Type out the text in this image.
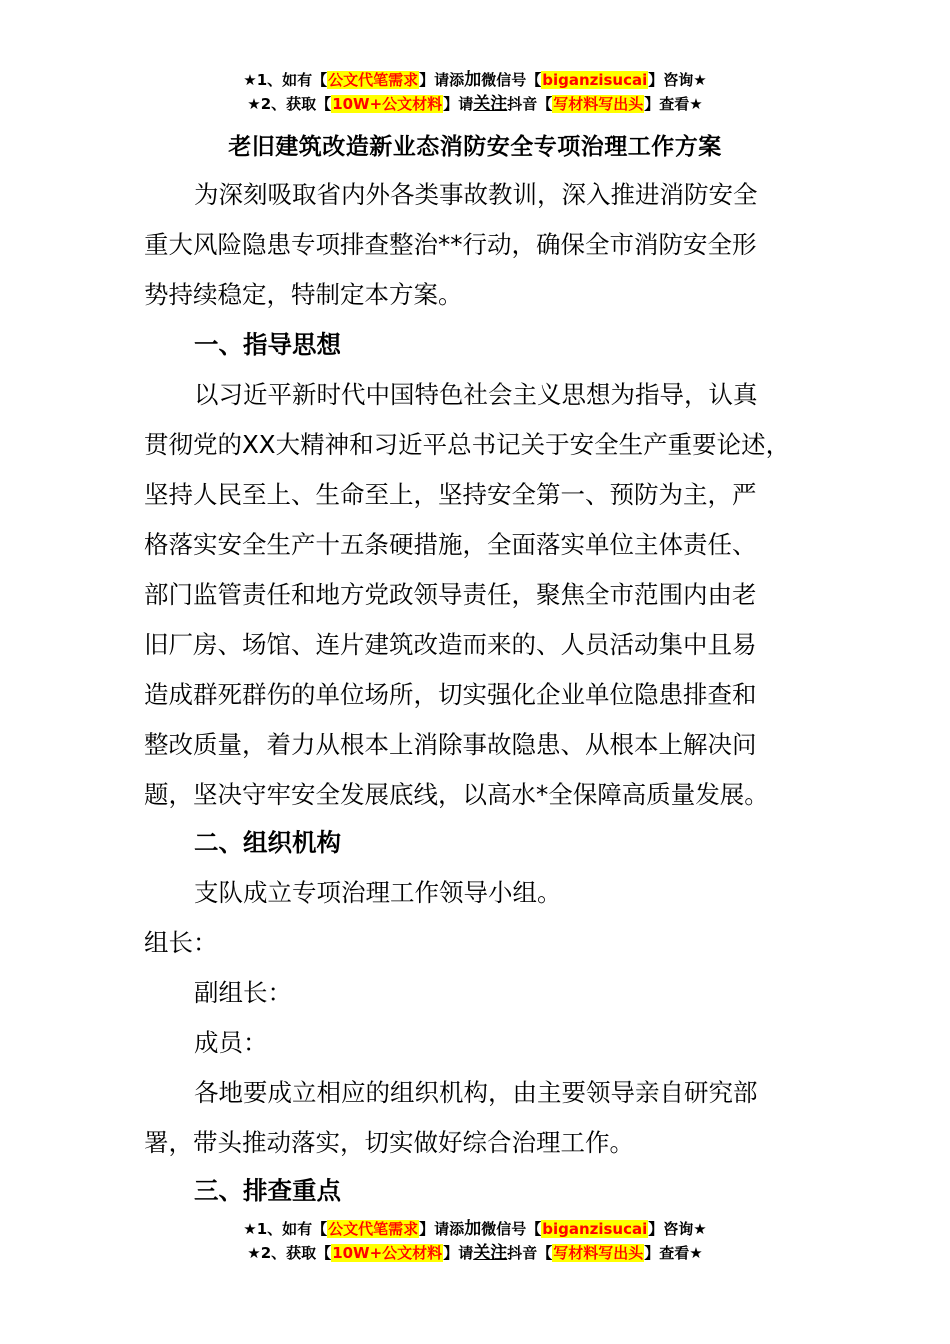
★1、如有【公文代笔需求】请添加微信号【biganzisucai】咨询★
★2、获取【10W+公文材料】请关注抖音【写材料写出头】查看★
老旧建筑改造新业态消防安全专项治理工作方案

为深刻吸取省内外各类事故教训，深入推进消防安全

重大风险隐患专项排查整治**行动，确保全市消防安全形

势持续稳定，特制定本方案。

一、指导思想

以习近平新时代中国特色社会主义思想为指导，认真

贯彻党的XX大精神和习近平总书记关于安全生产重要论述，

坚持人民至上、生命至上，坚持安全第一、预防为主，严

格落实安全生产十五条硬措施，全面落实单位主体责任、

部门监管责任和地方党政领导责任，聚焦全市范围内由老

旧厂房、场馆、连片建筑改造而来的、人员活动集中且易

造成群死群伤的单位场所，切实强化企业单位隐患排查和

整改质量，着力从根本上消除事故隐患、从根本上解决问

题，坚决守牢安全发展底线，以高水*全保障高质量发展。

二、组织机构

支队成立专项治理工作领导小组。

组长：

副组长：

成员：

各地要成立相应的组织机构，由主要领导亲自研究部

署，带头推动落实，切实做好综合治理工作。

三、排查重点

★1、如有【公文代笔需求】请添加微信号【biganzisucai】咨询★
★2、获取【10W+公文材料】请关注抖音【写材料写出头】查看★
